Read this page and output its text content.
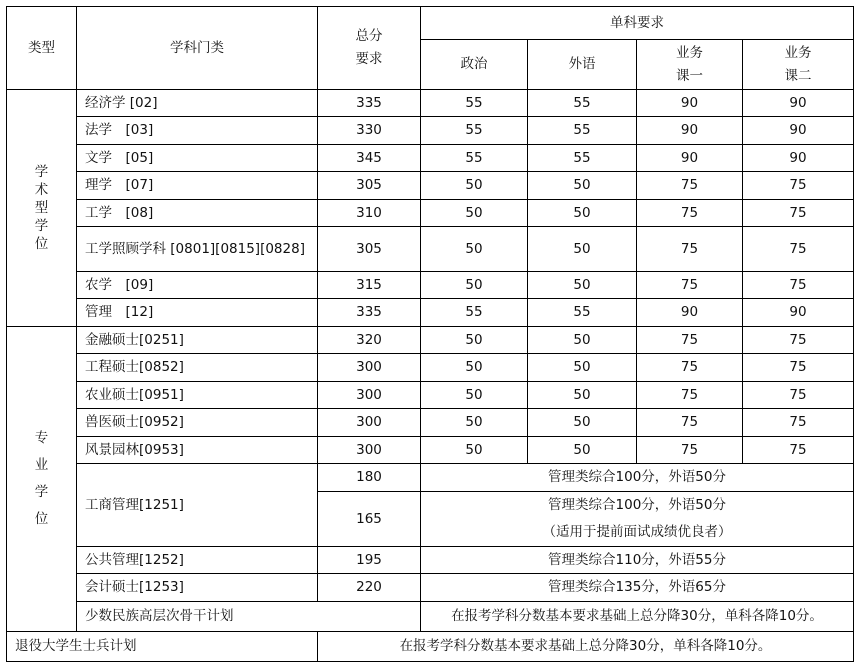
类型	学科门类	总分要求	单科要求			
			政治	外语	业务课一	业务课二
学术型学位	经济学 [02]	335	55	55	90	90
	法学　[03]	330	55	55	90	90
	文学　[05]	345	55	55	90	90
	理学　[07]	305	50	50	75	75
	工学　[08]	310	50	50	75	75
	工学照顾学科 [0801][0815][0828]	305	50	50	75	75
	农学　[09]	315	50	50	75	75
	管理　[12]	335	55	55	90	90
专业学位	金融硕士[0251]	320	50	50	75	75
	工程硕士[0852]	300	50	50	75	75
	农业硕士[0951]	300	50	50	75	75
	兽医硕士[0952]	300	50	50	75	75
	风景园林[0953]	300	50	50	75	75
	工商管理[1251]	180	管理类综合100分，外语50分			
		165	管理类综合100分，外语50分
（适用于提前面试成绩优良者）			

	公共管理[1252]	195	管理类综合110分，外语55分			
	会计硕士[1253]	220	管理类综合135分，外语65分			
	少数民族高层次骨干计划		在报考学科分数基本要求基础上总分降30分，单科各降10分。			
退役大学生士兵计划		在报考学科分数基本要求基础上总分降30分，单科各降10分。				
